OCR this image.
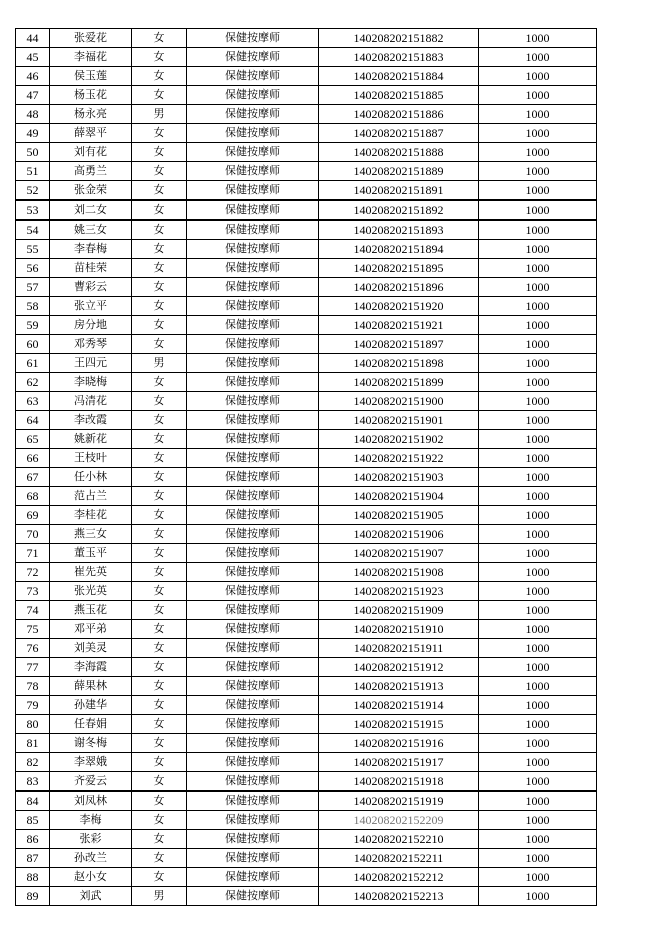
44	张爱花	女	保健按摩师	140208202151882	1000
45	李福花	女	保健按摩师	140208202151883	1000
46	侯玉莲	女	保健按摩师	140208202151884	1000
47	杨玉花	女	保健按摩师	140208202151885	1000
48	杨永亮	男	保健按摩师	140208202151886	1000
49	薛翠平	女	保健按摩师	140208202151887	1000
50	刘有花	女	保健按摩师	140208202151888	1000
51	高勇兰	女	保健按摩师	140208202151889	1000
52	张金荣	女	保健按摩师	140208202151891	1000
53	刘二女	女	保健按摩师	140208202151892	1000
54	姚三女	女	保健按摩师	140208202151893	1000
55	李春梅	女	保健按摩师	140208202151894	1000
56	苗桂荣	女	保健按摩师	140208202151895	1000
57	曹彩云	女	保健按摩师	140208202151896	1000
58	张立平	女	保健按摩师	140208202151920	1000
59	房分地	女	保健按摩师	140208202151921	1000
60	邓秀琴	女	保健按摩师	140208202151897	1000
61	王四元	男	保健按摩师	140208202151898	1000
62	李晓梅	女	保健按摩师	140208202151899	1000
63	冯清花	女	保健按摩师	140208202151900	1000
64	李改霞	女	保健按摩师	140208202151901	1000
65	姚新花	女	保健按摩师	140208202151902	1000
66	王枝叶	女	保健按摩师	140208202151922	1000
67	任小林	女	保健按摩师	140208202151903	1000
68	范占兰	女	保健按摩师	140208202151904	1000
69	李桂花	女	保健按摩师	140208202151905	1000
70	燕三女	女	保健按摩师	140208202151906	1000
71	董玉平	女	保健按摩师	140208202151907	1000
72	崔先英	女	保健按摩师	140208202151908	1000
73	张光英	女	保健按摩师	140208202151923	1000
74	燕玉花	女	保健按摩师	140208202151909	1000
75	邓平弟	女	保健按摩师	140208202151910	1000
76	刘美灵	女	保健按摩师	140208202151911	1000
77	李海霞	女	保健按摩师	140208202151912	1000
78	薛果林	女	保健按摩师	140208202151913	1000
79	孙建华	女	保健按摩师	140208202151914	1000
80	任春娟	女	保健按摩师	140208202151915	1000
81	谢冬梅	女	保健按摩师	140208202151916	1000
82	李翠娥	女	保健按摩师	140208202151917	1000
83	齐爱云	女	保健按摩师	140208202151918	1000
84	刘凤林	女	保健按摩师	140208202151919	1000
85	李梅	女	保健按摩师	140208202152209	1000
86	张彩	女	保健按摩师	140208202152210	1000
87	孙改兰	女	保健按摩师	140208202152211	1000
88	赵小女	女	保健按摩师	140208202152212	1000
89	刘武	男	保健按摩师	140208202152213	1000
